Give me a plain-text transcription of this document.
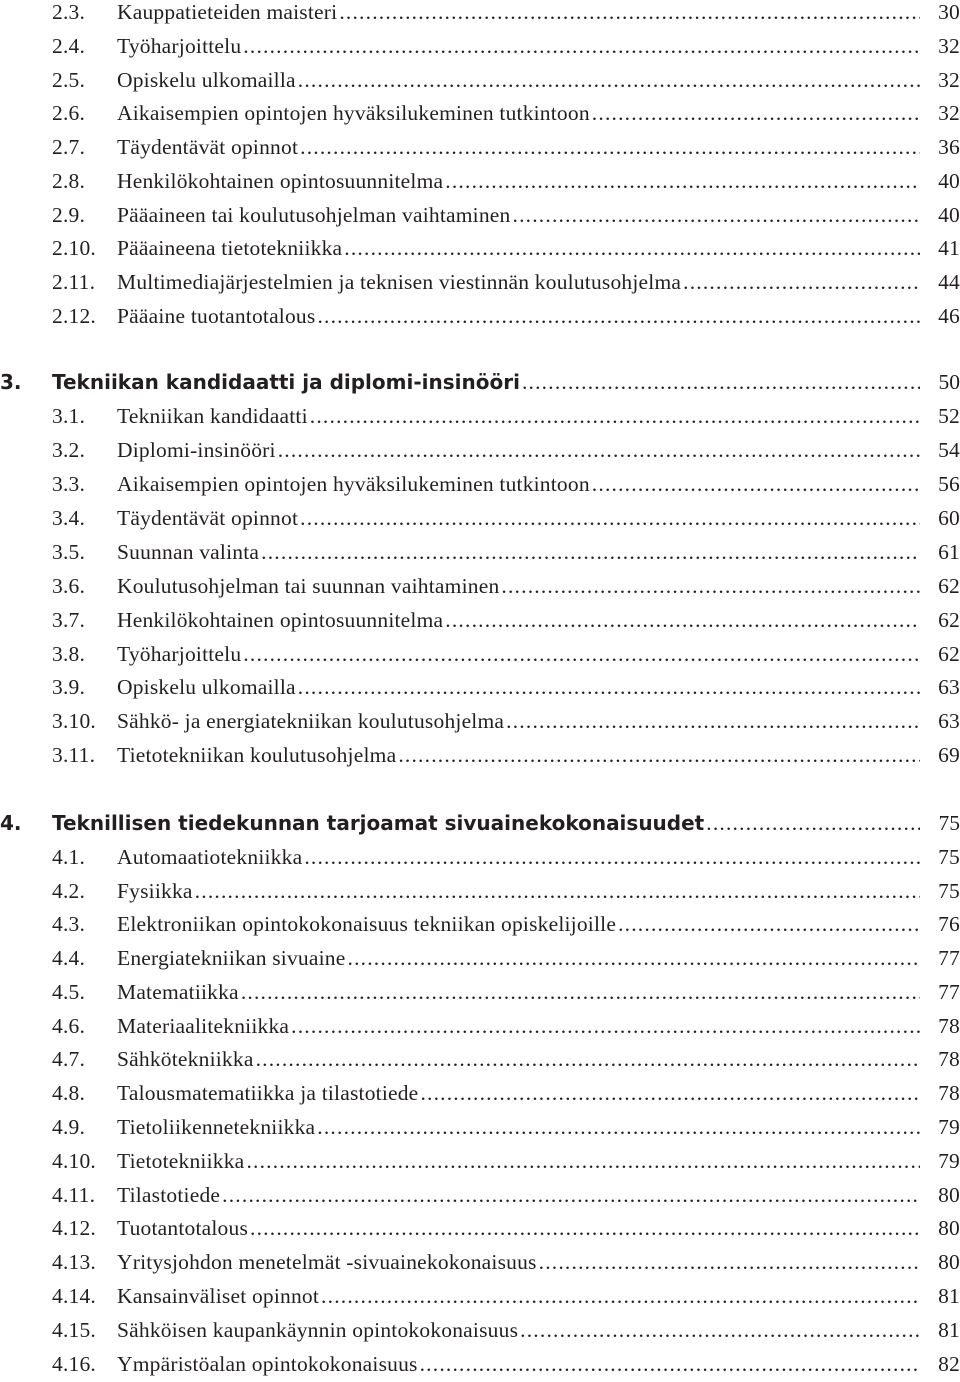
2.3.	Kauppatieteiden maisteri .....	30
2.4.	Työharjoittelu .....	32
2.5.	Opiskelu ulkomailla .....	32
2.6.	Aikaisempien opintojen hyväksilukeminen tutkintoon .....	32
2.7.	Täydentävät opinnot .....	36
2.8.	Henkilökohtainen opintosuunnitelma .....	40
2.9.	Pääaineen tai koulutusohjelman vaihtaminen .....	40
2.10. Pääaineena tietotekniikka .....	41
2.11.	Multimediajärjestelmien ja teknisen viestinnän koulutusohjelma .....	44
2.12. Pääaine tuotantotalous .....	46
3.	Tekniikan kandidaatti ja diplomi-insinööri .....	50
3.1.	Tekniikan kandidaatti .....	52
3.2.	Diplomi-insinööri .....	54
3.3.	Aikaisempien opintojen hyväksilukeminen tutkintoon .....	56
3.4.	Täydentävät opinnot .....	60
3.5.	Suunnan valinta .....	61
3.6.	Koulutusohjelman tai suunnan vaihtaminen .....	62
3.7.	Henkilökohtainen opintosuunnitelma .....	62
3.8.	Työharjoittelu .....	62
3.9.	Opiskelu ulkomailla .....	63
3.10. Sähkö- ja energiatekniikan koulutusohjelma .....	63
3.11.	Tietotekniikan koulutusohjelma .....	69
4.	Teknillisen tiedekunnan tarjoamat sivuainekokonaisuudet .....	75
4.1.	Automaatiotekniikka .....	75
4.2.	Fysiikka .....	75
4.3.	Elektroniikan opintokokonaisuus tekniikan opiskelijoille .....	76
4.4.	Energiatekniikan sivuaine .....	77
4.5.	Matematiikka .....	77
4.6.	Materiaalitekniikka .....	78
4.7.	Sähkötekniikka .....	78
4.8.	Talousmatematiikka ja tilastotiede .....	78
4.9.	Tietoliikennetekniikka .....	79
4.10. Tietotekniikka .....	79
4.11.	Tilastotiede .....	80
4.12. Tuotantotalous .....	80
4.13. Yritysjohdon menetelmät -sivuainekokonaisuus .....	80
4.14. Kansainväliset opinnot .....	81
4.15. Sähköisen kaupankäynnin opintokokonaisuus .....	81
4.16. Ympäristöalan opintokokonaisuus .....	82
